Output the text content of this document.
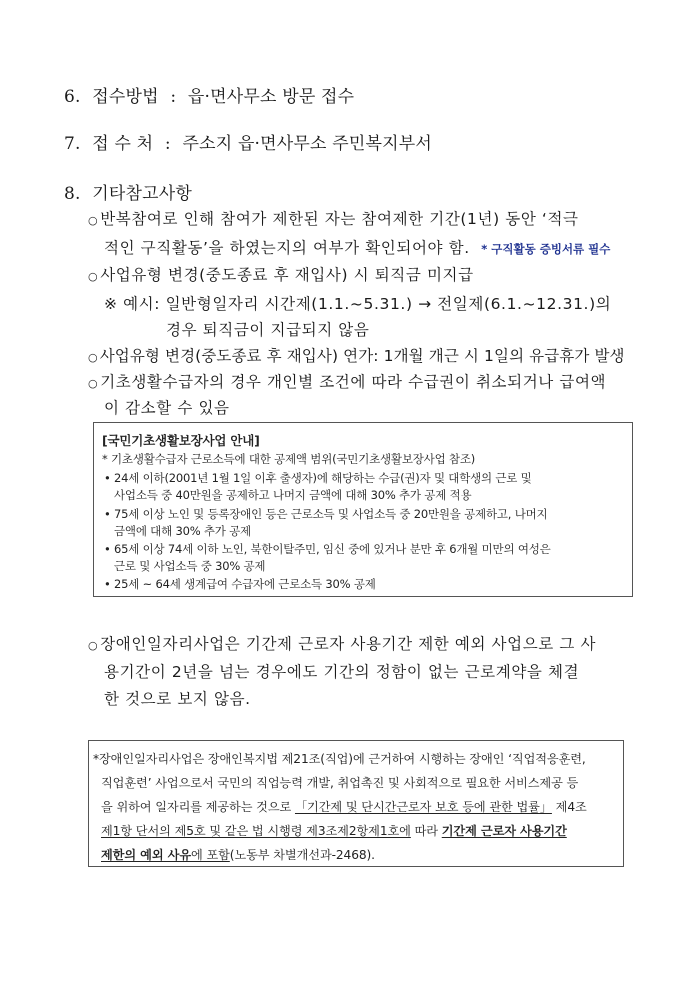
6. 접수방법 : 읍·면사무소 방문 접수
7. 접 수 처 : 주소지 읍·면사무소 주민복지부서
8. 기타참고사항
○ 반복참여로 인해 참여가 제한된 자는 참여제한 기간(1년) 동안 ‘적극
적인 구직활동’을 하였는지의 여부가 확인되어야 함. * 구직활동 증빙서류 필수
○ 사업유형 변경(중도종료 후 재입사) 시 퇴직금 미지급
※ 예시: 일반형일자리 시간제(1.1.~5.31.) → 전일제(6.1.~12.31.)의
경우 퇴직금이 지급되지 않음
○ 사업유형 변경(중도종료 후 재입사) 연가: 1개월 개근 시 1일의 유급휴가 발생
○ 기초생활수급자의 경우 개인별 조건에 따라 수급권이 취소되거나 급여액
이 감소할 수 있음
[국민기초생활보장사업 안내]
* 기초생활수급자 근로소득에 대한 공제액 범위(국민기초생활보장사업 참조)
• 24세 이하(2001년 1월 1일 이후 출생자)에 해당하는 수급(권)자 및 대학생의 근로 및
사업소득 중 40만원을 공제하고 나머지 금액에 대해 30% 추가 공제 적용
• 75세 이상 노인 및 등록장애인 등은 근로소득 및 사업소득 중 20만원을 공제하고, 나머지
금액에 대해 30% 추가 공제
• 65세 이상 74세 이하 노인, 북한이탈주민, 임신 중에 있거나 분만 후 6개월 미만의 여성은
근로 및 사업소득 중 30% 공제
• 25세 ~ 64세 생계급여 수급자에 근로소득 30% 공제
○ 장애인일자리사업은 기간제 근로자 사용기간 제한 예외 사업으로 그 사
용기간이 2년을 넘는 경우에도 기간의 정함이 없는 근로계약을 체결
한 것으로 보지 않음.
*장애인일자리사업은 장애인복지법 제21조(직업)에 근거하여 시행하는 장애인 ‘직업적응훈련,
직업훈련’ 사업으로서 국민의 직업능력 개발, 취업촉진 및 사회적으로 필요한 서비스제공 등
을 위하여 일자리를 제공하는 것으로 「기간제 및 단시간근로자 보호 등에 관한 법률」 제4조
제1항 단서의 제5호 및 같은 법 시행령 제3조제2항제1호에 따라 기간제 근로자 사용기간
제한의 예외 사유에 포함(노동부 차별개선과-2468).
